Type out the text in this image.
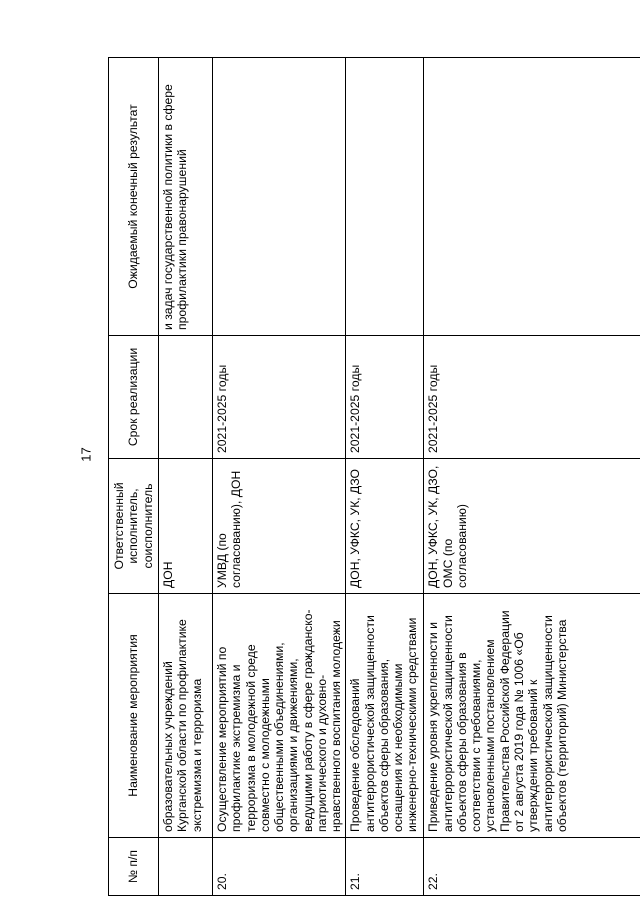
17
№ п/п	Наименование мероприятия	Ответственный исполнитель, соисполнитель	Срок реализации	Ожидаемый конечный результат
	образовательных учреждений Курганской области по профилактике экстремизма и терроризма	ДОН		и задач государственной политики в сфере профилактики правонарушений
20.	Осуществление мероприятий по профилактике экстремизма и терроризма в молодежной среде совместно с молодежными общественными объединениями, организациями и движениями, ведущими работу в сфере гражданско-патриотического и духовно-нравственного воспитания молодежи	УМВД (по согласованию), ДОН	2021-2025 годы	
21.	Проведение обследований антитеррористической защищенности объектов сферы образования, оснащения их необходимыми инженерно-техническими средствами	ДОН, УФКС, УК, ДЗО	2021-2025 годы	
22.	Приведение уровня укрепленности и антитеррористической защищенности объектов сферы образования в соответствии с требованиями, установленными постановлением Правительства Российской Федерации от 2 августа 2019 года № 1006 «Об утверждении требований к антитеррористической защищенности объектов (территорий) Министерства	ДОН, УФКС, УК, ДЗО, ОМС (по согласованию)	2021-2025 годы	
